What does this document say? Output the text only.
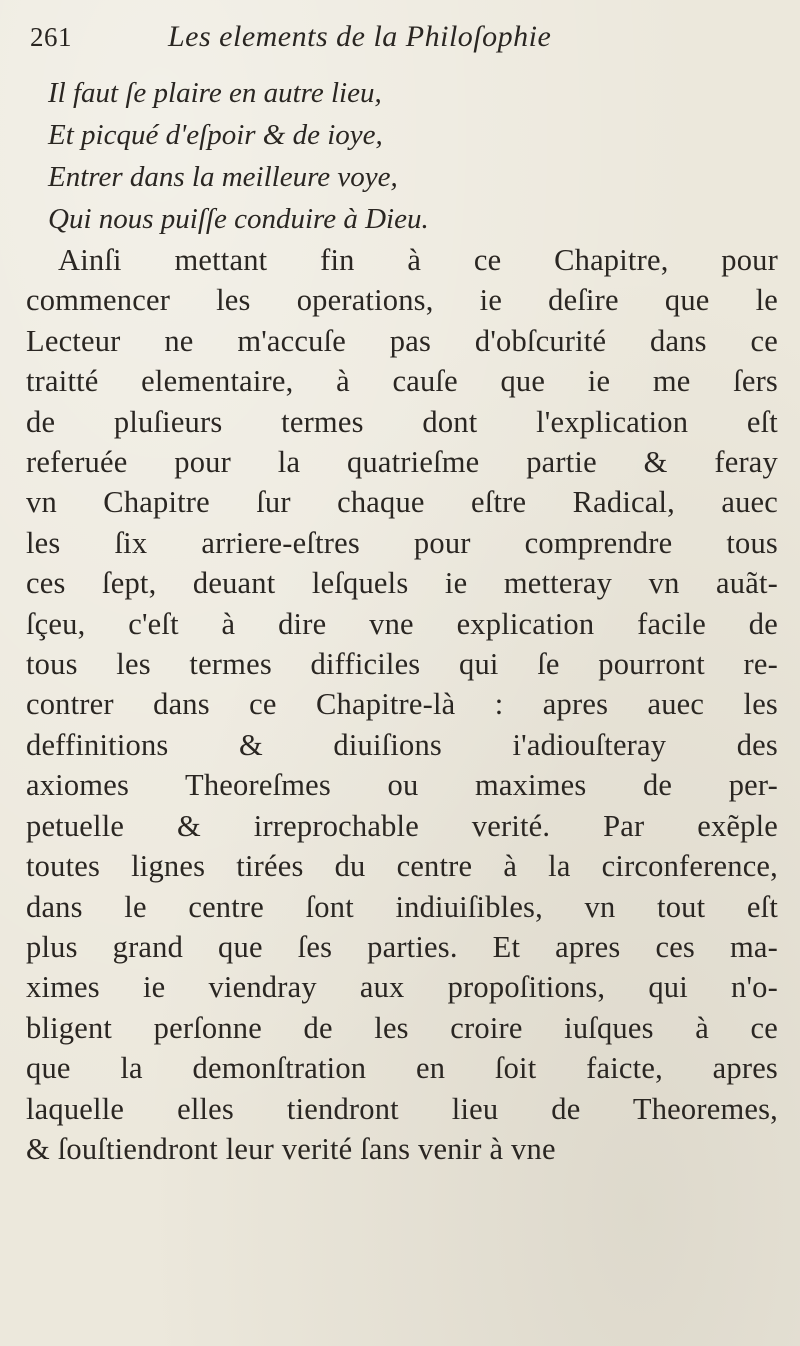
261	Les elements de la Philoſophie

Il faut ſe plaire en autre lieu,

Et picqué d'eſpoir & de ioye,

Entrer dans la meilleure voye,

Qui nous puiſſe conduire à Dieu.

Ainſi mettant fin à ce Chapitre, pour

commencer les operations, ie deſire que le

Lecteur ne m'accuſe pas d'obſcurité dans ce

traitté elementaire, à cauſe que ie me ſers

de pluſieurs termes dont l'explication eſt

referuée pour la quatrieſme partie & feray

vn Chapitre ſur chaque eſtre Radical, auec

les ſix arriere-eſtres pour comprendre tous

ces ſept, deuant leſquels ie metteray vn auãt-

ſçeu, c'eſt à dire vne explication facile de

tous les termes difficiles qui ſe pourront re-

contrer dans ce Chapitre-là : apres auec les

deffinitions & diuiſions i'adiouſteray des

axiomes Theoreſmes ou maximes de per-

petuelle & irreprochable verité. Par exẽple

toutes lignes tirées du centre à la circonference,

dans le centre ſont indiuiſibles, vn tout eſt

plus grand que ſes parties. Et apres ces ma-

ximes ie viendray aux propoſitions, qui n'o-

bligent perſonne de les croire iuſques à ce

que la demonſtration en ſoit faicte, apres

laquelle elles tiendront lieu de Theoremes,

& ſouſtiendront leur verité ſans venir à vne
